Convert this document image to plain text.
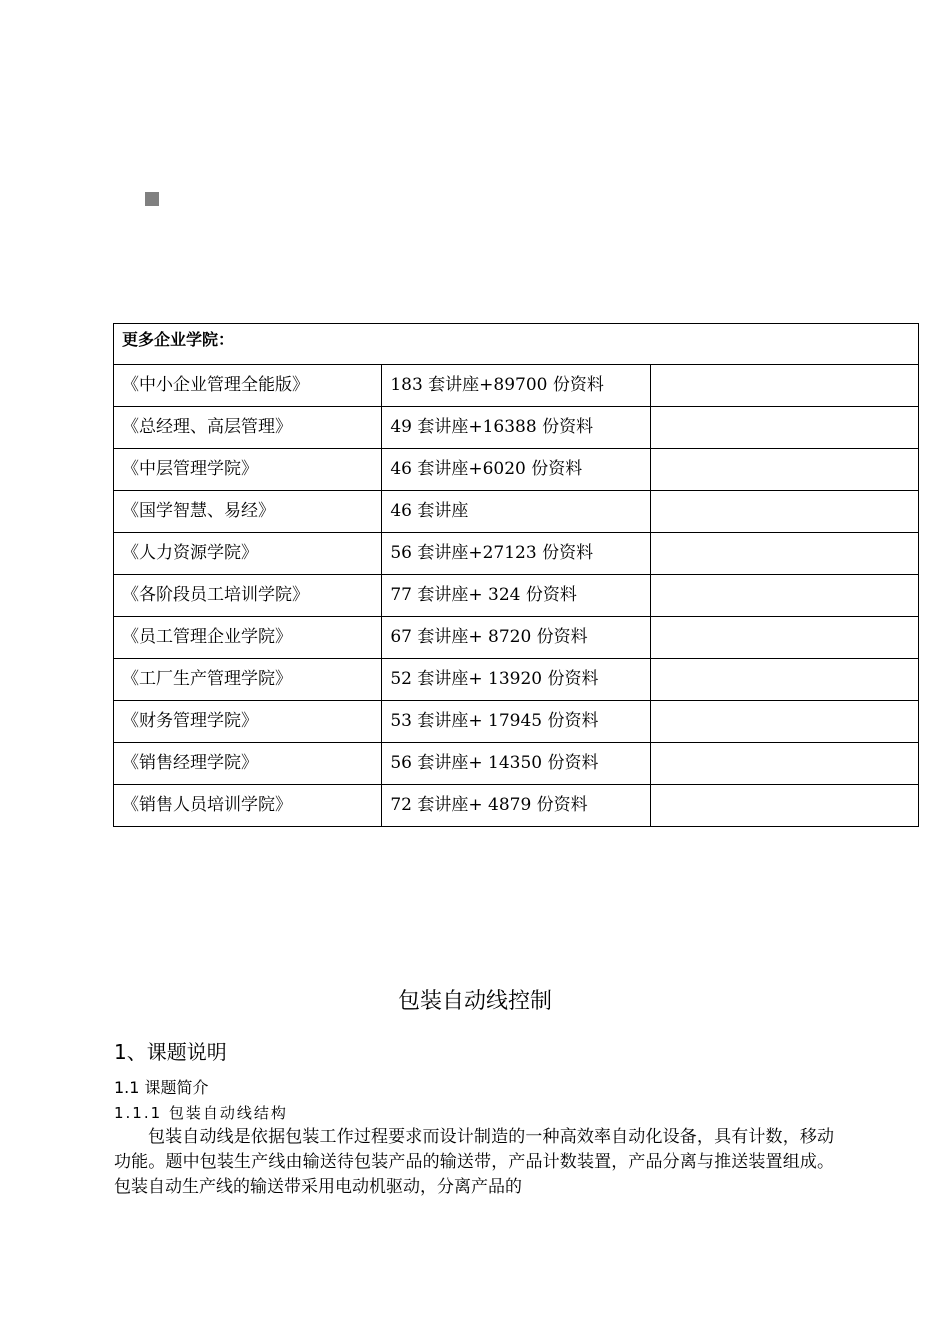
更多企业学院：		
《中小企业管理全能版》	183 套讲座+89700 份资料	
《总经理、高层管理》	49 套讲座+16388 份资料	
《中层管理学院》	46 套讲座+6020 份资料	
《国学智慧、易经》	46 套讲座	
《人力资源学院》	56 套讲座+27123 份资料	
《各阶段员工培训学院》	77 套讲座+ 324 份资料	
《员工管理企业学院》	67 套讲座+ 8720 份资料	
《工厂生产管理学院》	52 套讲座+ 13920 份资料	
《财务管理学院》	53 套讲座+ 17945 份资料	
《销售经理学院》	56 套讲座+ 14350 份资料	
《销售人员培训学院》	72 套讲座+ 4879 份资料	
包装自动线控制
1、课题说明
1.1 课题简介
1.1.1 包装自动线结构

包装自动线是依据包装工作过程要求而设计制造的一种高效率自动化设备，具有计数，移动功能。题中包装生产线由输送待包装产品的输送带，产品计数装置，产品分离与推送装置组成。包装自动生产线的输送带采用电动机驱动，分离产品的
